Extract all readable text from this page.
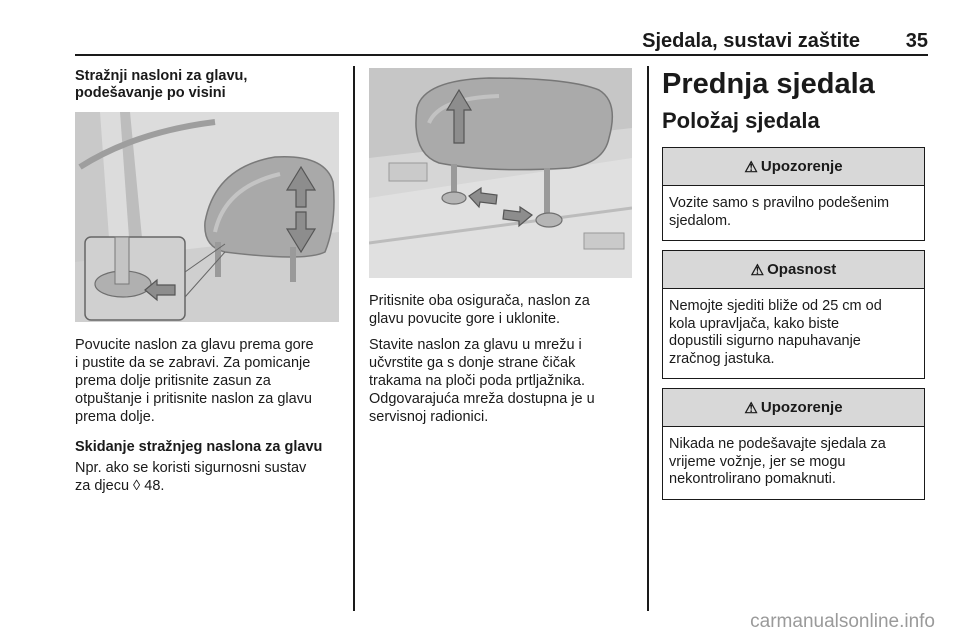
Sjedala, sustavi zaštite	35

Stražnji nasloni za glavu,
podešavanje po visini

Povucite naslon za glavu prema gore
i pustite da se zabravi. Za pomicanje
prema dolje pritisnite zasun za
otpuštanje i pritisnite naslon za glavu
prema dolje.

Skidanje stražnjeg naslona za glavu

Npr. ako se koristi sigurnosni sustav
za djecu ◊ 48.

Pritisnite oba osigurača, naslon za
glavu povucite gore i uklonite.

Stavite naslon za glavu u mrežu i
učvrstite ga s donje strane čičak
trakama na ploči poda prtljažnika.
Odgovarajuća mreža dostupna je u
servisnoj radionici.

Prednja sjedala
Položaj sjedala
⚠ Upozorenje
Vozite samo s pravilno podešenim
sjedalom.
⚠ Opasnost
Nemojte sjediti bliže od 25 cm od
kola upravljača, kako biste
dopustili sigurno napuhavanje
zračnog jastuka.
⚠ Upozorenje
Nikada ne podešavajte sjedala za
vrijeme vožnje, jer se mogu
nekontrolirano pomaknuti.
carmanualsonline.info
